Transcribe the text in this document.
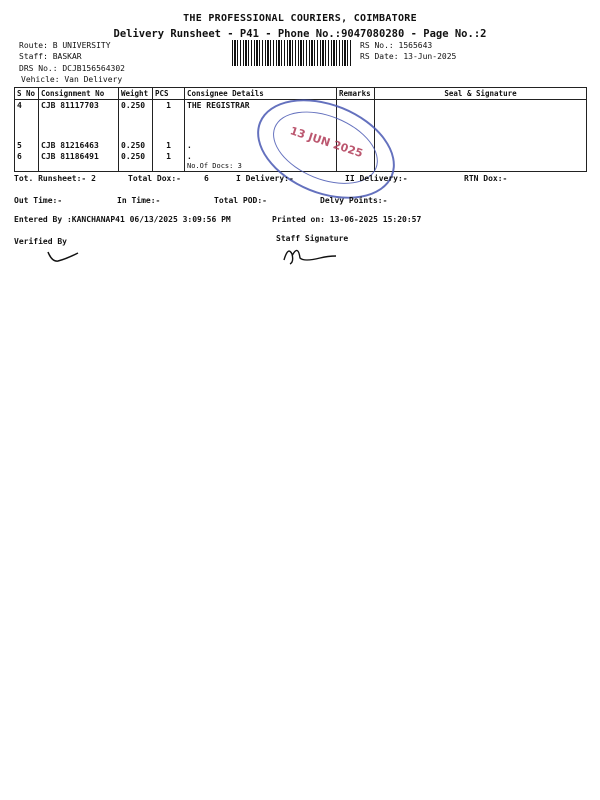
THE PROFESSIONAL COURIERS, COIMBATORE
Delivery Runsheet - P41 - Phone No.:9047080280 - Page No.:2
Route: B UNIVERSITY
Staff: BASKAR
DRS No.: DCJB156564302
Vehicle: Van Delivery
RS No.: 1565643
RS Date: 13-Jun-2025
S No	Consignment No	Weight	PCS	Consignee Details	Remarks	Seal & Signature
4	CJB 81117703	0.250	1	THE REGISTRAR		
5	CJB 81216463	0.250	1	.		
6	CJB 81186491	0.250	1	.
No.Of Docs: 3		

13 JUN 2025
Tot. Runsheet:- 2	Total Dox:-	6	I Delivery:-	II Delivery:-	RTN Dox:-
Out Time:-	In Time:-	Total POD:-	Delvy Points:-
Entered By :KANCHANAP41 06/13/2025 3:09:56 PM	Printed on: 13-06-2025 15:20:57
Verified By	Staff Signature
